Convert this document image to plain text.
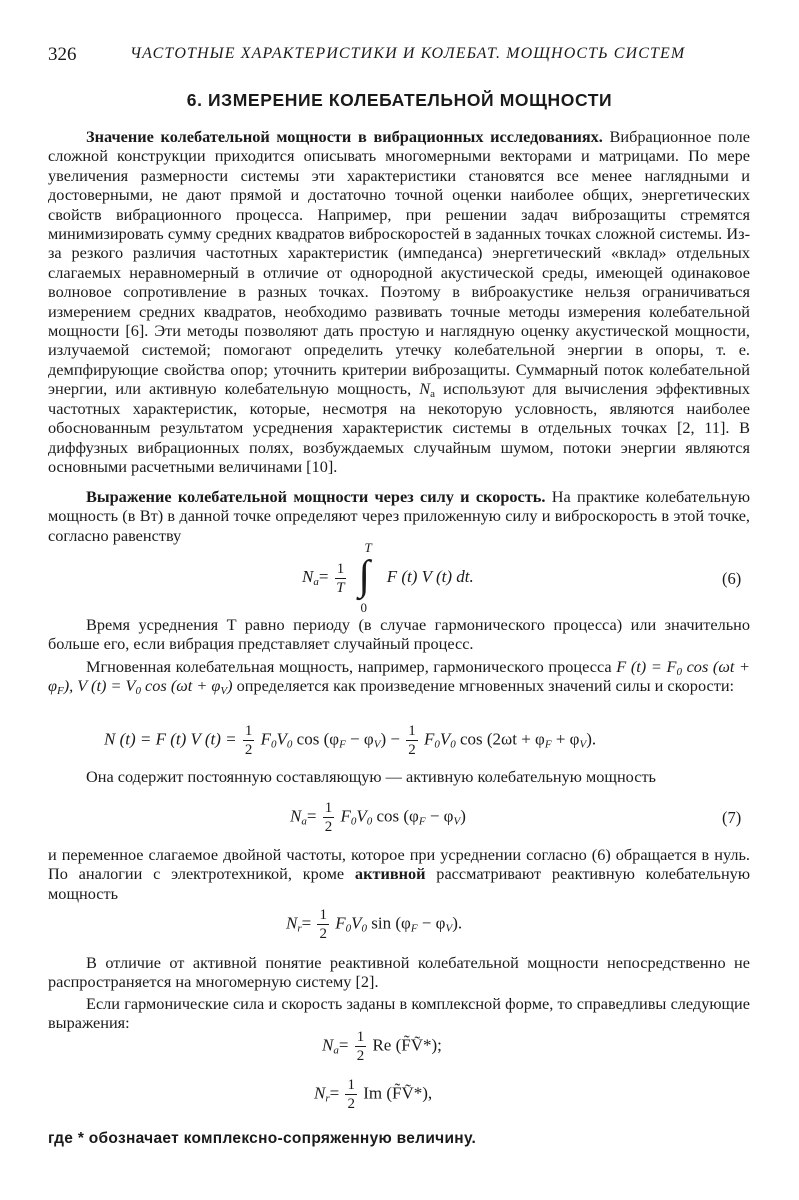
326	ЧАСТОТНЫЕ ХАРАКТЕРИСТИКИ И КОЛЕБАТ. МОЩНОСТЬ СИСТЕМ
6. ИЗМЕРЕНИЕ КОЛЕБАТЕЛЬНОЙ МОЩНОСТИ
Значение колебательной мощности в вибрационных исследованиях. Вибрационное поле сложной конструкции приходится описывать многомерными векторами и матрицами. По мере увеличения размерности системы эти характеристики становятся все менее наглядными и достоверными, не дают прямой и достаточно точной оценки наиболее общих, энергетических свойств вибрационного процесса. Например, при решении задач виброзащиты стремятся минимизировать сумму средних квадратов виброскоростей в заданных точках сложной системы. Из-за резкого различия частотных характеристик (импеданса) энергетический «вклад» отдельных слагаемых неравномерный в отличие от однородной акустической среды, имеющей одинаковое волновое сопротивление в разных точках. Поэтому в виброакустике нельзя ограничиваться измерением средних квадратов, необходимо развивать точные методы измерения колебательной мощности [6]. Эти методы позволяют дать простую и наглядную оценку акустической мощности, излучаемой системой; помогают определить утечку колебательной энергии в опоры, т. е. демпфирующие свойства опор; уточнить критерии виброзащиты. Суммарный поток колебательной энергии, или активную колебательную мощность, $N_a$ используют для вычисления эффективных частотных характеристик, которые, несмотря на некоторую условность, являются наиболее обоснованным результатом усреднения характеристик системы в отдельных точках [2, 11]. В диффузных вибрационных полях, возбуждаемых случайным шумом, потоки энергии являются основными расчетными величинами [10].
Выражение колебательной мощности через силу и скорость. На практике колебательную мощность (в Вт) в данной точке определяют через приложенную силу и виброскорость в этой точке, согласно равенству
$N_a= \frac{1}{T}$

T
∫
0
F (t) V (t) dt.	(6)
Время усреднения T равно периоду (в случае гармонического процесса) или значительно больше его, если вибрация представляет случайный процесс.
Мгновенная колебательная мощность, например, гармонического процесса F $(t) = F_0$ $\cos (\omega t + \varphi_F)$, V $(t) = V_0$ $\cos (\omega t + \varphi_V)$ определяется как произведение мгновенных значений силы и скорости:
N (t) = F (t) V $(t) = \frac{1}{2} F_0V_0$ $\cos (\varphi_F - \varphi_V) - \frac{1}{2} F_0V_0$ $\cos (2\omega t + \varphi_F + \varphi_V)$.
Она содержит постоянную составляющую — активную колебательную мощность
$N_a= \frac{1}{2} F_0V_0$ $\cos (\varphi_F - \varphi_V)$	(7)
и переменное слагаемое двойной частоты, которое при усреднении согласно (6) обращается в нуль. По аналогии с электротехникой, кроме активной рассматривают реактивную колебательную мощность
$N_r= \frac{1}{2} F_0V_0$ $\sin (\varphi_F - \varphi_V)$.
В отличие от активной понятие реактивной колебательной мощности непосредственно не распространяется на многомерную систему [2].
Если гармонические сила и скорость заданы в комплексной форме, то справедливы следующие выражения:
$N_a= \frac{1}{2}$ Re (F̃Ṽ*);
$N_r= \frac{1}{2}$ Im (F̃Ṽ*),
где * обозначает комплексно-сопряженную величину.
